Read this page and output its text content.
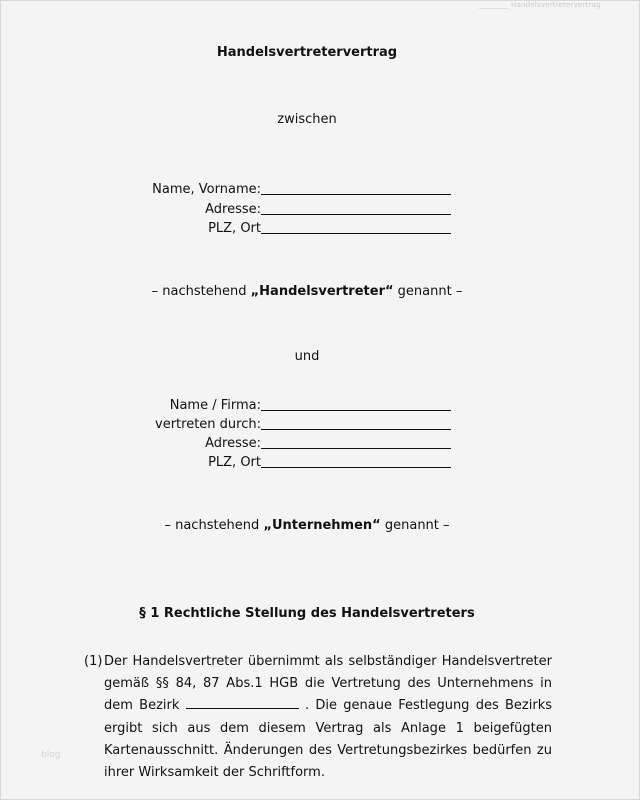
________ Handelsvertretervertrag
blog
Handelsvertretervertrag
zwischen
Name, Vorname:
Adresse:
PLZ, Ort
– nachstehend „Handelsvertreter“ genannt –
und
Name / Firma:
vertreten durch:
Adresse:
PLZ, Ort
– nachstehend „Unternehmen“ genannt –
§ 1 Rechtliche Stellung des Handelsvertreters
(1) Der Handelsvertreter übernimmt als selbständiger Handelsvertreter gemäß §§ 84, 87 Abs.1 HGB die Vertretung des Unternehmens in dem Bezirk	. Die genaue Festlegung des Bezirks ergibt sich aus dem diesem Vertrag als Anlage 1 beigefügten Kartenausschnitt. Änderungen des Vertretungsbezirkes bedürfen zu ihrer Wirksamkeit der Schriftform.
